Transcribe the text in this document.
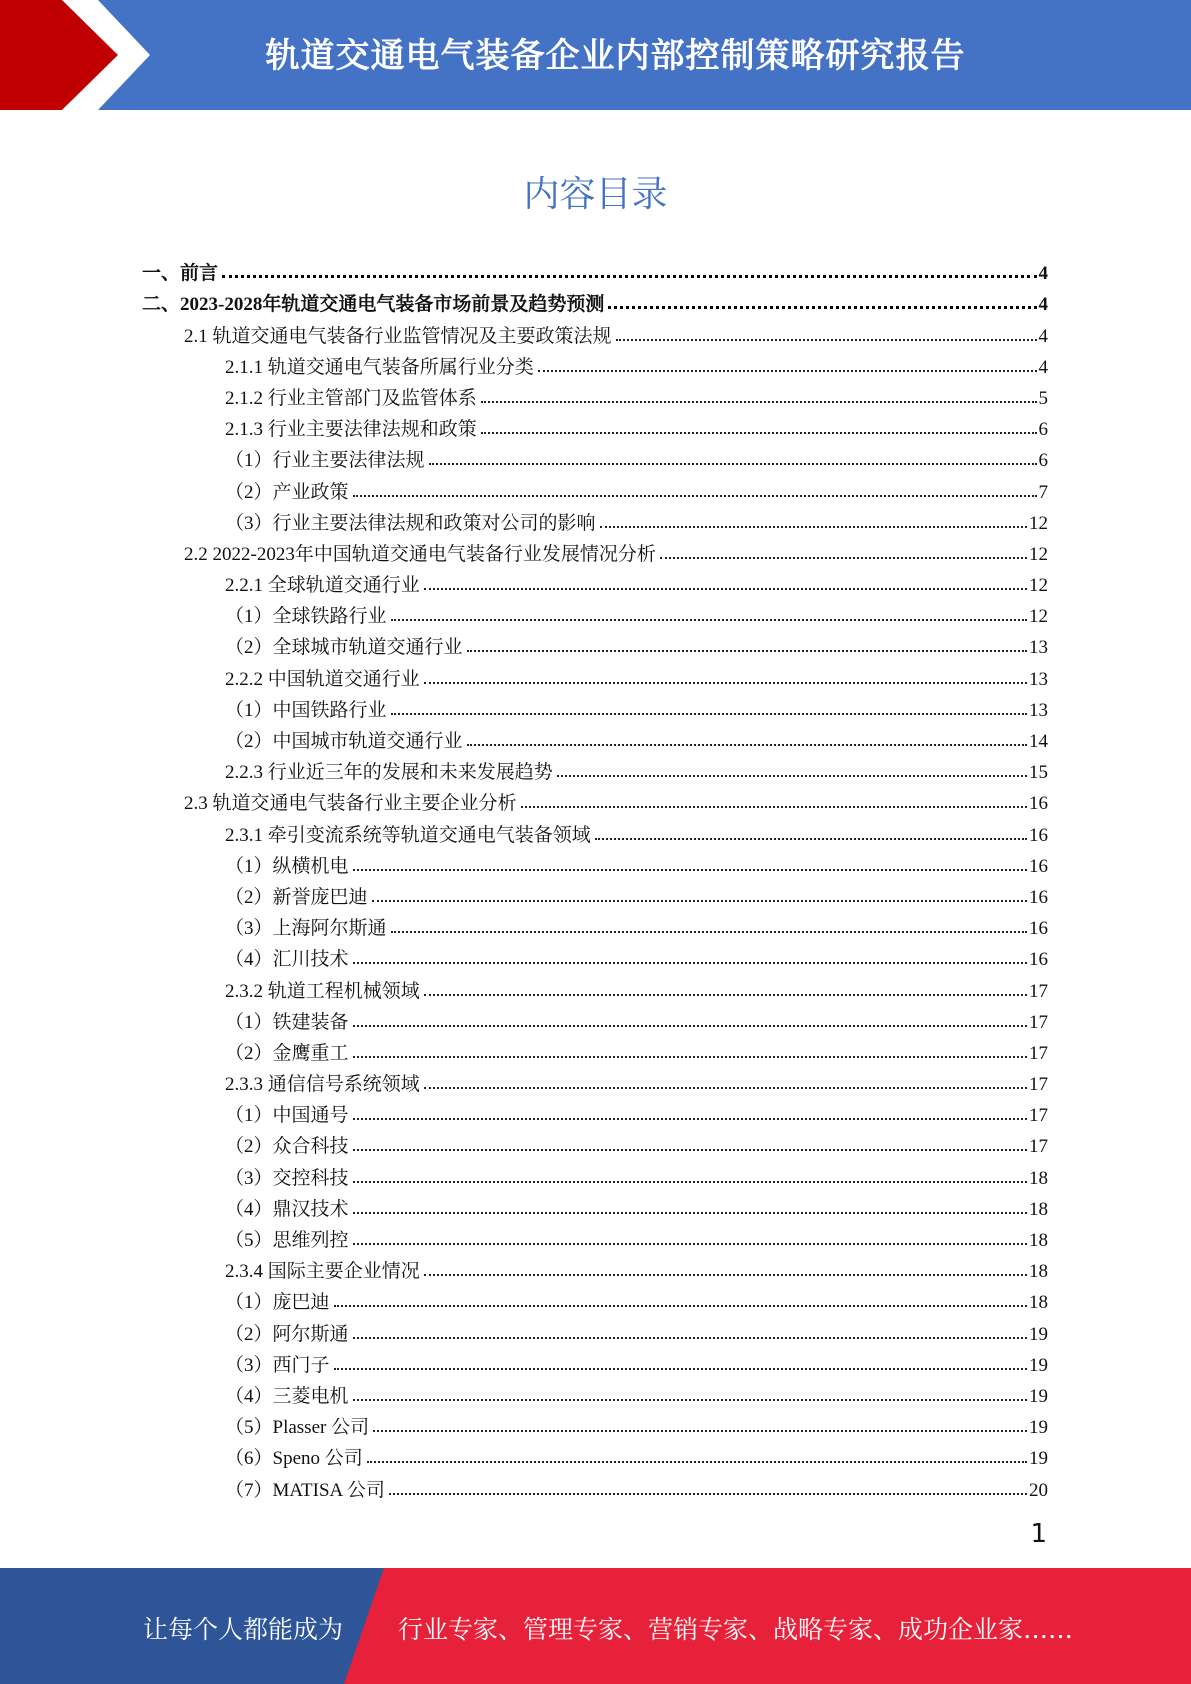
轨道交通电气装备企业内部控制策略研究报告
内容目录
一、前言	4
二、2023-2028年轨道交通电气装备市场前景及趋势预测	4
2.1 轨道交通电气装备行业监管情况及主要政策法规	4
2.1.1 轨道交通电气装备所属行业分类	4
2.1.2 行业主管部门及监管体系	5
2.1.3 行业主要法律法规和政策	6
（1）行业主要法律法规	6
（2）产业政策	7
（3）行业主要法律法规和政策对公司的影响	12
2.2 2022-2023年中国轨道交通电气装备行业发展情况分析	12
2.2.1 全球轨道交通行业	12
（1）全球铁路行业	12
（2）全球城市轨道交通行业	13
2.2.2 中国轨道交通行业	13
（1）中国铁路行业	13
（2）中国城市轨道交通行业	14
2.2.3 行业近三年的发展和未来发展趋势	15
2.3 轨道交通电气装备行业主要企业分析	16
2.3.1 牵引变流系统等轨道交通电气装备领域	16
（1）纵横机电	16
（2）新誉庞巴迪	16
（3）上海阿尔斯通	16
（4）汇川技术	16
2.3.2 轨道工程机械领域	17
（1）铁建装备	17
（2）金鹰重工	17
2.3.3 通信信号系统领域	17
（1）中国通号	17
（2）众合科技	17
（3）交控科技	18
（4）鼎汉技术	18
（5）思维列控	18
2.3.4 国际主要企业情况	18
（1）庞巴迪	18
（2）阿尔斯通	19
（3）西门子	19
（4）三菱电机	19
（5）Plasser 公司	19
（6）Speno 公司	19
（7）MATISA 公司	20
1
让每个人都能成为 行业专家、管理专家、营销专家、战略专家、成功企业家……
